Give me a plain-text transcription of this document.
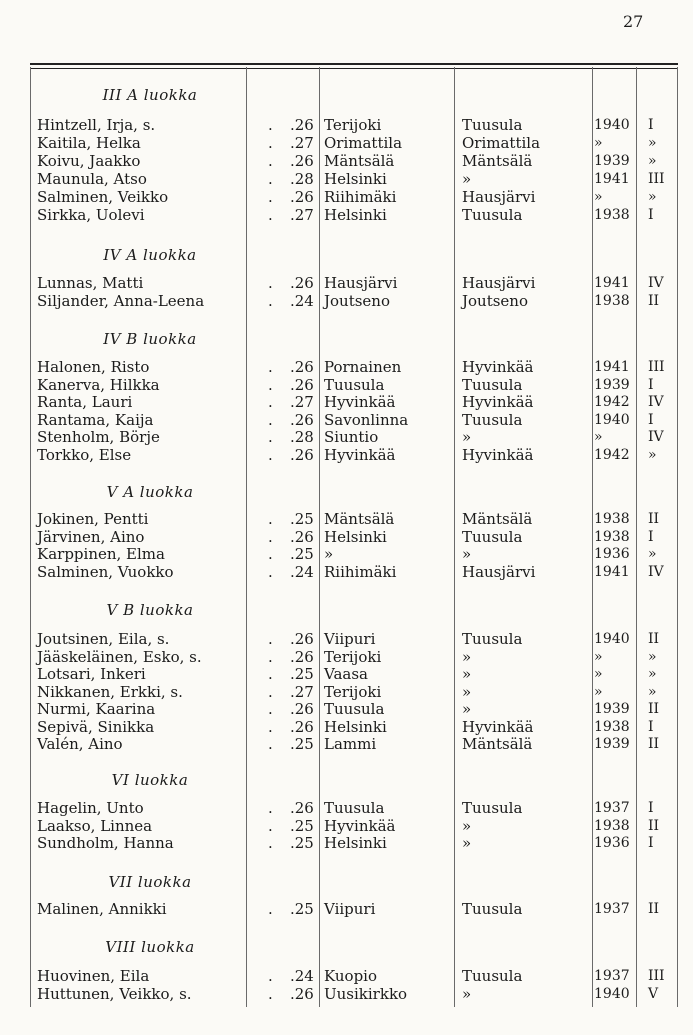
27
III A luokka
Hintzell, Irja, s.	. .26 Terijoki	Tuusula	1940 I
Kaitila, Helka	. .27 Orimattila	Orimattila	»	»
Koivu, Jaakko	. .26 Mäntsälä	Mäntsälä	1939 »
Maunula, Atso	. .28 Helsinki	»	1941 III
Salminen, Veikko	. .26 Riihimäki	Hausjärvi	»	»
Sirkka, Uolevi	. .27 Helsinki	Tuusula	1938 I
IV A luokka
Lunnas, Matti	. .26 Hausjärvi	Hausjärvi	1941 IV
Siljander, Anna-Leena	. .24 Joutseno	Joutseno	1938 II
IV B luokka
Halonen, Risto	. .26 Pornainen	Hyvinkää	1941 III
Kanerva, Hilkka	. .26 Tuusula	Tuusula	1939 I
Ranta, Lauri	. .27 Hyvinkää	Hyvinkää	1942 IV
Rantama, Kaija	. .26 Savonlinna	Tuusula	1940 I
Stenholm, Börje	. .28 Siuntio	»	»	IV
Torkko, Else	. .26 Hyvinkää	Hyvinkää	1942 »
V A luokka
Jokinen, Pentti	. .25 Mäntsälä	Mäntsälä	1938 II
Järvinen, Aino	. .26 Helsinki	Tuusula	1938 I
Karppinen, Elma	. .25 »	»	1936 »
Salminen, Vuokko	. .24 Riihimäki	Hausjärvi	1941 IV
V B luokka
Joutsinen, Eila, s.	. .26 Viipuri	Tuusula	1940 II
Jääskeläinen, Esko, s.	. .26 Terijoki	»	»	»
Lotsari, Inkeri	. .25 Vaasa	»	»	»
Nikkanen, Erkki, s.	. .27 Terijoki	»	»	»
Nurmi, Kaarina	. .26 Tuusula	»	1939 II
Sepivä, Sinikka	. .26 Helsinki	Hyvinkää	1938 I
Valén, Aino	. .25 Lammi	Mäntsälä	1939 II
VI luokka
Hagelin, Unto	. .26 Tuusula	Tuusula	1937 I
Laakso, Linnea	. .25 Hyvinkää	»	1938 II
Sundholm, Hanna	. .25 Helsinki	»	1936 I
VII luokka
Malinen, Annikki	. .25 Viipuri	Tuusula	1937 II
VIII luokka
Huovinen, Eila	. .24 Kuopio	Tuusula	1937 III
Huttunen, Veikko, s.	. .26 Uusikirkko	»	1940 V
